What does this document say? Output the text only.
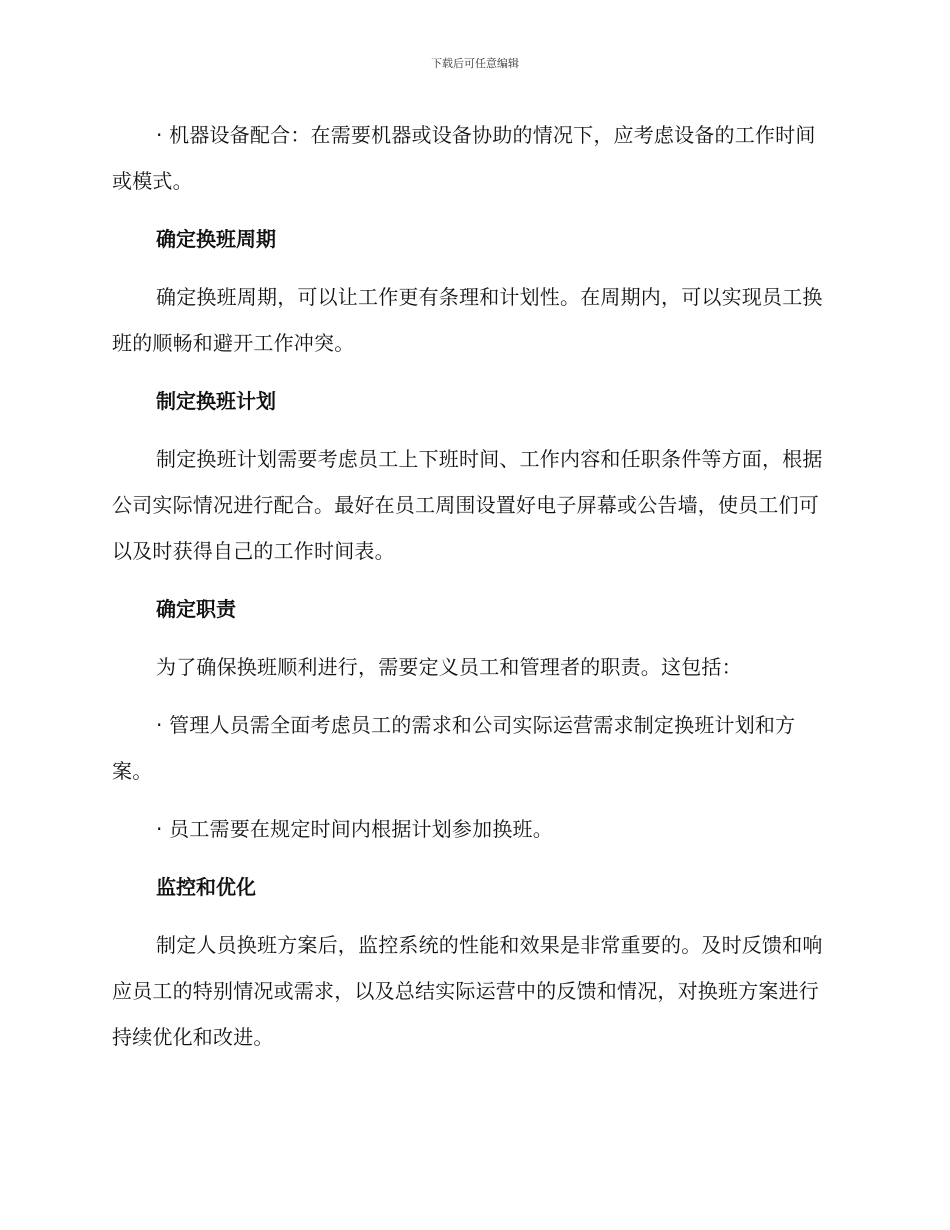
下载后可任意编辑

· 机器设备配合：在需要机器或设备协助的情况下，应考虑设备的工作时间或模式。

确定换班周期

确定换班周期，可以让工作更有条理和计划性。在周期内，可以实现员工换班的顺畅和避开工作冲突。

制定换班计划

制定换班计划需要考虑员工上下班时间、工作内容和任职条件等方面，根据公司实际情况进行配合。最好在员工周围设置好电子屏幕或公告墙，使员工们可以及时获得自己的工作时间表。

确定职责

为了确保换班顺利进行，需要定义员工和管理者的职责。这包括：

· 管理人员需全面考虑员工的需求和公司实际运营需求制定换班计划和方案。

· 员工需要在规定时间内根据计划参加换班。

监控和优化

制定人员换班方案后，监控系统的性能和效果是非常重要的。及时反馈和响应员工的特别情况或需求，以及总结实际运营中的反馈和情况，对换班方案进行持续优化和改进。
